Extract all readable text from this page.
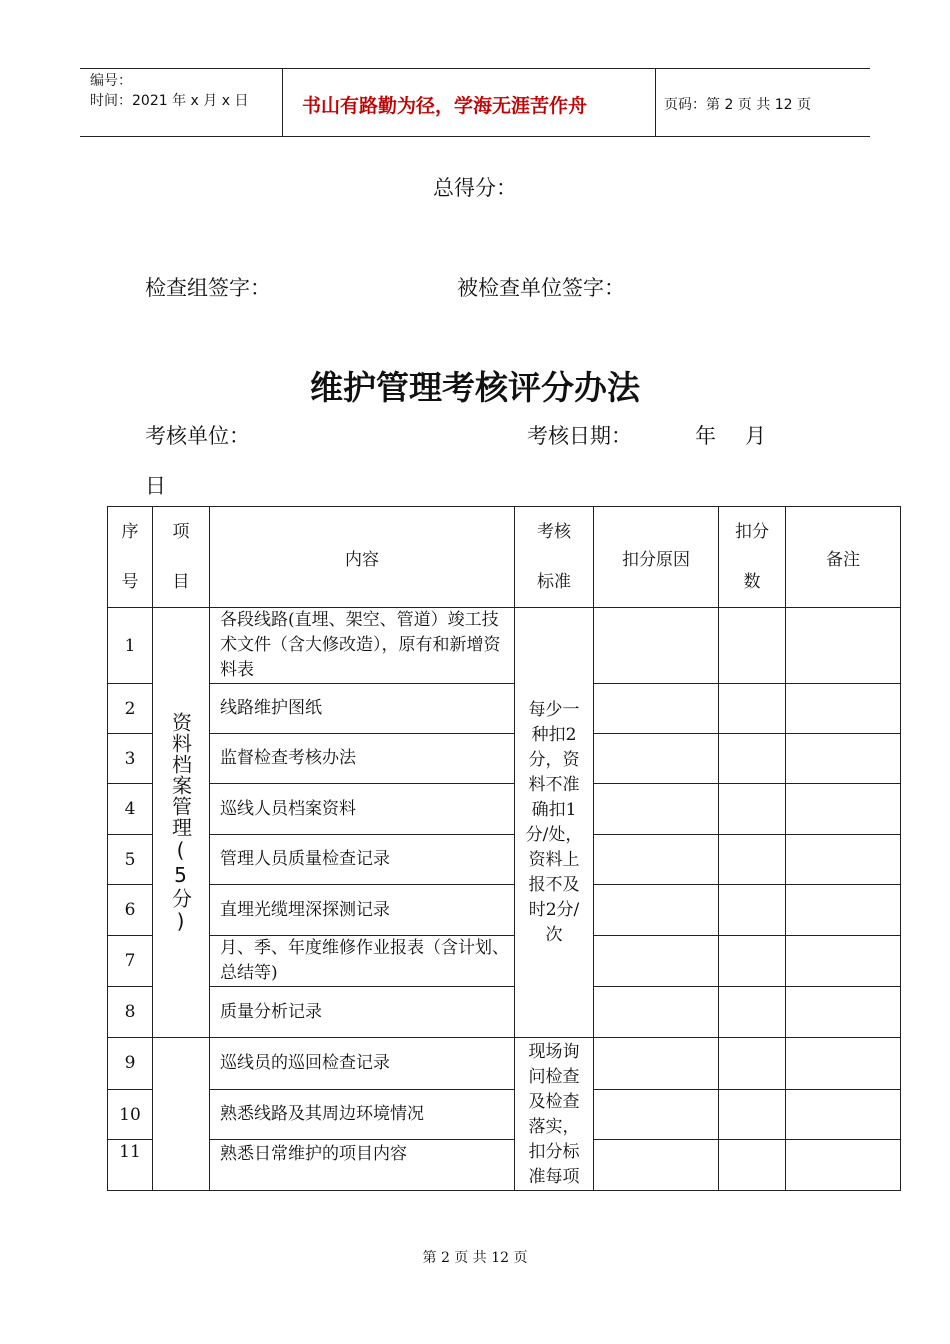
编号：
时间：2021 年 x 月 x 日	书山有路勤为径，学海无涯苦作舟	页码：第 2 页 共 12 页
总得分：
检查组签字：	被检查单位签字：
维护管理考核评分办法
考核单位：	考核日期：	年 月
日
序号	项目	内容	考核标准	扣分原因	扣分数	备注
1	资料档案管理(5分)	各段线路(直埋、架空、管道）竣工技术文件（含大修改造），原有和新增资料表	每少一种扣2分，资料不准确扣1分/处，资料上报不及时2分/次			
2		线路维护图纸				
3		监督检查考核办法				
4		巡线人员档案资料				
5		管理人员质量检查记录				
6		直埋光缆埋深探测记录				
7		月、季、年度维修作业报表（含计划、总结等)				
8		质量分析记录				
9		巡线员的巡回检查记录	现场询问检查及检查落实，扣分标准每项			
10		熟悉线路及其周边环境情况				
11		熟悉日常维护的项目内容				
第 2 页 共 12 页
